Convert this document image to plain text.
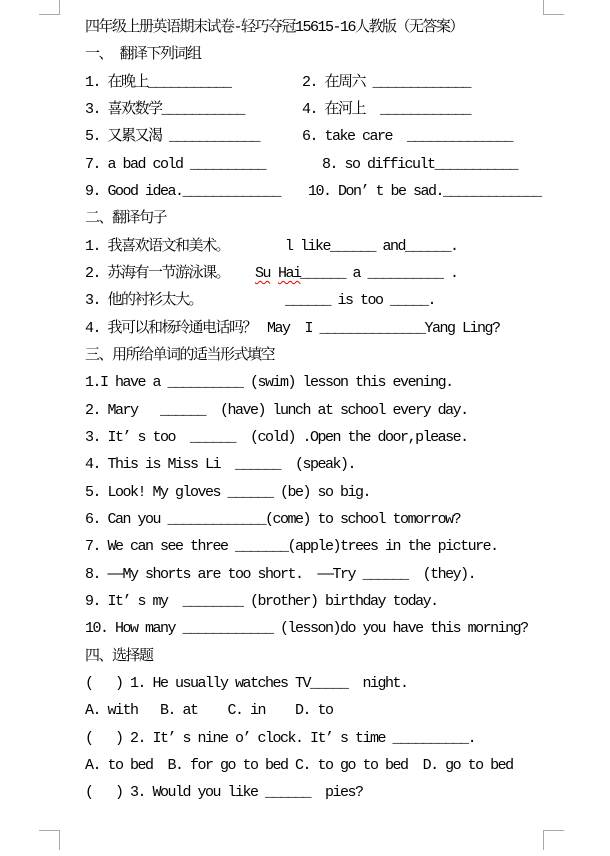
四年级上册英语期末试卷-轻巧夺冠15615-16人教版（无答案）
一、 翻译下列词组
1. 在晚上___________	2. 在周六 _____________
3. 喜欢数学___________	4. 在河上  ____________
5. 又累又渴 ____________	6. take care  ______________
7. a bad cold __________	8. so difficult___________
9. Good idea._____________ 10. Don’ t be sad._____________
二、翻译句子
1. 我喜欢语文和美术。	l like______ and______.
2. 苏海有一节游泳课。 Su Hai ______ a __________ .
3. 他的衬衫太大。	______ is too _____.
4. 我可以和杨玲通电话吗？ May  I ______________Yang Ling?
三、用所给单词的适当形式填空
1.I have a __________ (swim) lesson this evening.
2. Mary   ______  (have) lunch at school every day.
3. It’ s too  ______  (cold) .Open the door,please.
4. This is Miss Li  ______  (speak).
5. Look! My gloves ______ (be) so big.
6. Can you _____________(come) to school tomorrow?
7. We can see three _______(apple)trees in the picture.
8. ——My shorts are too short.  ——Try ______  (they).
9. It’ s my  ________ (brother) birthday today.
10. How many ____________ (lesson)do you have this morning?
四、选择题
(   ) 1. He usually watches TV_____  night.
A. with   B. at    C. in    D. to
(   ) 2. It’ s nine o’ clock. It’ s time __________.
A. to bed  B. for go to bed C. to go to bed  D. go to bed
(   ) 3. Would you like ______  pies?
